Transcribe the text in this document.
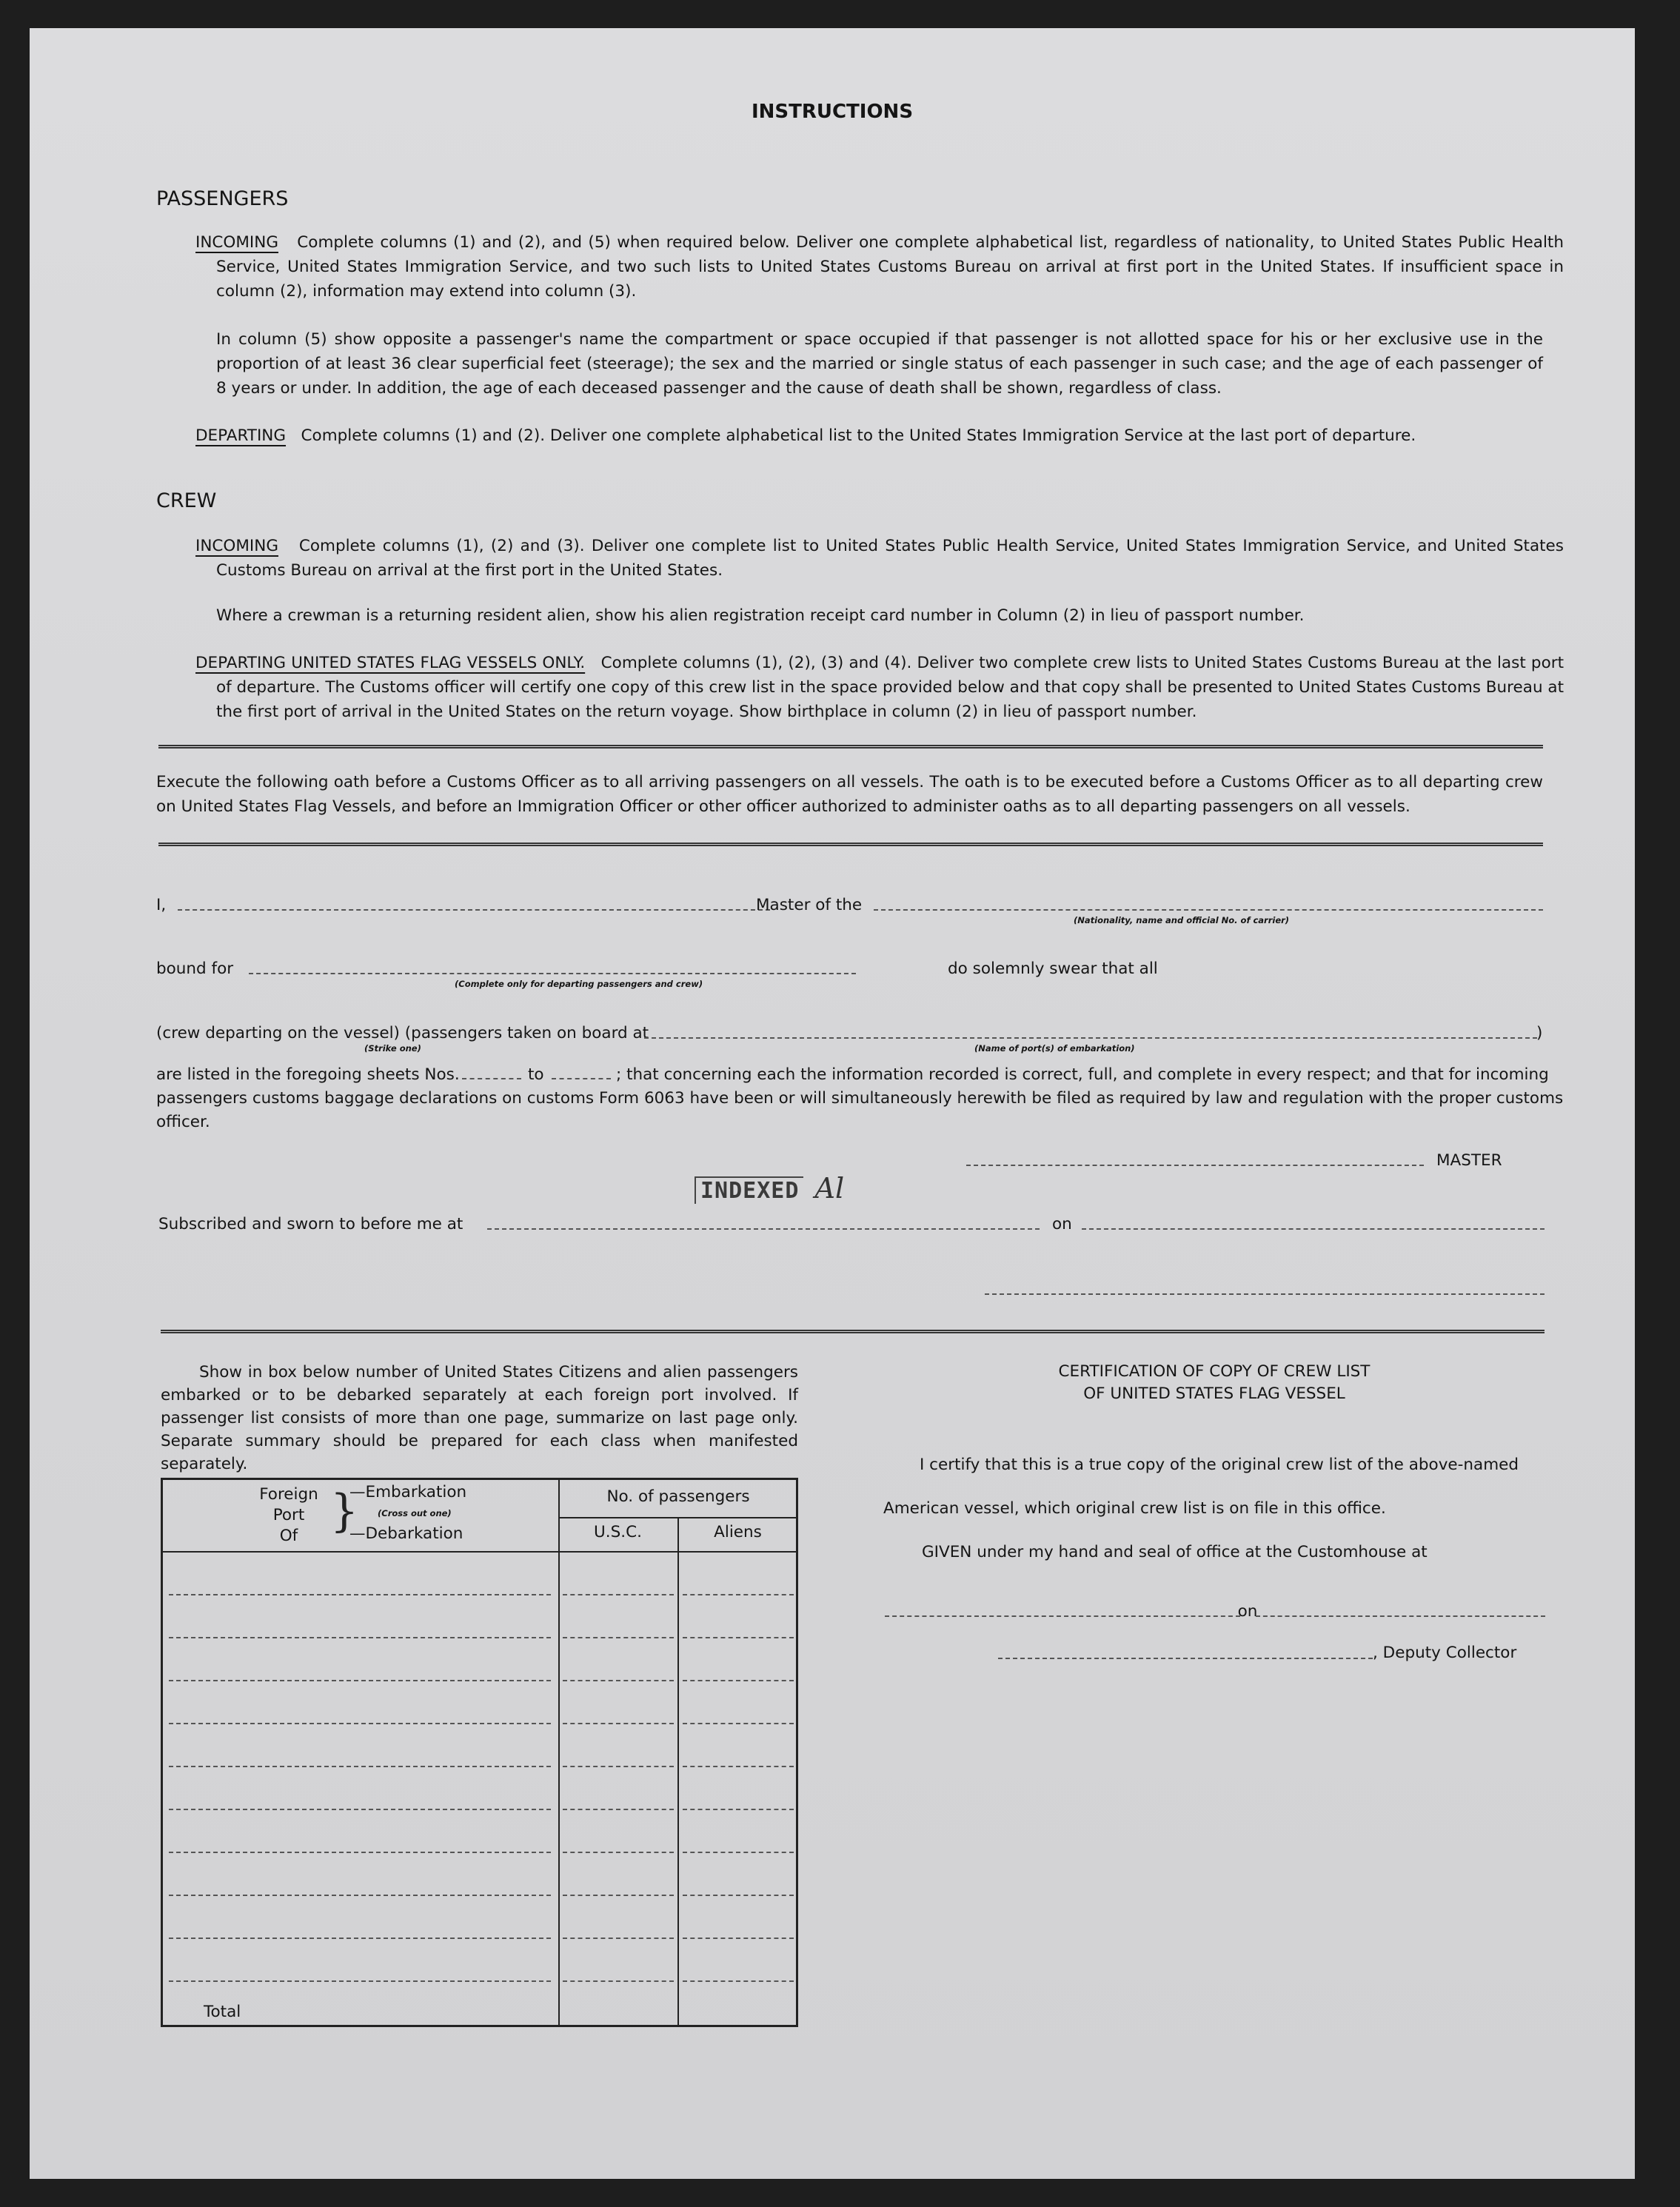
INSTRUCTIONS
PASSENGERS
INCOMING Complete columns (1) and (2), and (5) when required below. Deliver one complete alphabetical list, regardless of nationality, to United States Public Health Service, United States Immigration Service, and two such lists to United States Customs Bureau on arrival at first port in the United States. If insufficient space in column (2), information may extend into column (3).
In column (5) show opposite a passenger's name the compartment or space occupied if that passenger is not allotted space for his or her exclusive use in the proportion of at least 36 clear superficial feet (steerage); the sex and the married or single status of each passenger in such case; and the age of each passenger of 8 years or under. In addition, the age of each deceased passenger and the cause of death shall be shown, regardless of class.
DEPARTING Complete columns (1) and (2). Deliver one complete alphabetical list to the United States Immigration Service at the last port of departure.
CREW
INCOMING Complete columns (1), (2) and (3). Deliver one complete list to United States Public Health Service, United States Immigration Service, and United States Customs Bureau on arrival at the first port in the United States.
Where a crewman is a returning resident alien, show his alien registration receipt card number in Column (2) in lieu of passport number.
DEPARTING UNITED STATES FLAG VESSELS ONLY. Complete columns (1), (2), (3) and (4). Deliver two complete crew lists to United States Customs Bureau at the last port of departure. The Customs officer will certify one copy of this crew list in the space provided below and that copy shall be presented to United States Customs Bureau at the first port of arrival in the United States on the return voyage. Show birthplace in column (2) in lieu of passport number.
Execute the following oath before a Customs Officer as to all arriving passengers on all vessels. The oath is to be executed before a Customs Officer as to all departing crew on United States Flag Vessels, and before an Immigration Officer or other officer authorized to administer oaths as to all departing passengers on all vessels.
I,	Master of the
(Nationality, name and official No. of carrier)
bound for
(Complete only for departing passengers and crew)
do solemnly swear that all
(crew departing on the vessel) (passengers taken on board at	)
(Strike one)	(Name of port(s) of embarkation)
are listed in the foregoing sheets Nos.	to	; that concerning each the information recorded is correct, full, and complete in every respect; and that for incoming
passengers customs baggage declarations on customs Form 6063 have been or will simultaneously herewith be filed as required by law and regulation with the proper customs
officer.
MASTER
INDEXED Al
Subscribed and sworn to before me at	on
Show in box below number of United States Citizens and alien passengers embarked or to be debarked separately at each foreign port involved. If passenger list consists of more than one page, summarize on last page only. Separate summary should be prepared for each class when manifested separately.
Foreign
Port
Of }
—Embarkation
(Cross out one)
—Debarkation
No. of passengers
U.S.C.	Aliens
Total
CERTIFICATION OF COPY OF CREW LIST
OF UNITED STATES FLAG VESSEL
I certify that this is a true copy of the original crew list of the above-named
American vessel, which original crew list is on file in this office.
GIVEN under my hand and seal of office at the Customhouse at
on
, Deputy Collector
